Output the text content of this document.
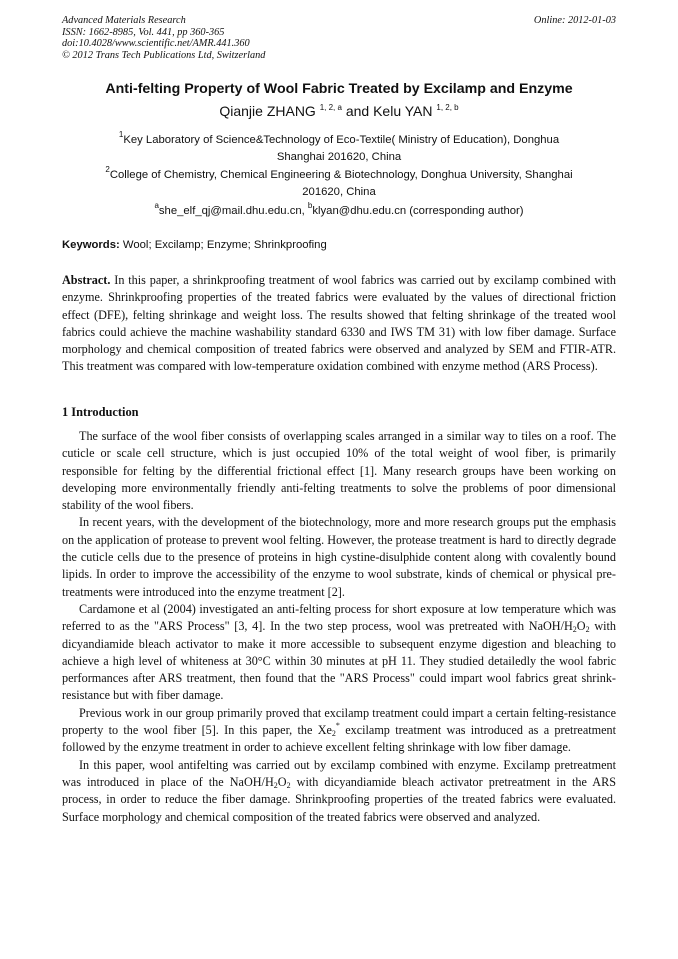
Advanced Materials Research
ISSN: 1662-8985, Vol. 441, pp 360-365
doi:10.4028/www.scientific.net/AMR.441.360
© 2012 Trans Tech Publications Ltd, Switzerland
Online: 2012-01-03
Anti-felting Property of Wool Fabric Treated by Excilamp and Enzyme
Qianjie ZHANG $^{1, 2, a}$ and Kelu YAN $^{1, 2, b}$
$^1$Key Laboratory of Science&Technology of Eco-Textile( Ministry of Education), Donghua
Shanghai 201620, China
$^2$College of Chemistry, Chemical Engineering & Biotechnology, Donghua University, Shanghai
201620, China
$^a$she_elf_qj@mail.dhu.edu.cn, $^b$klyan@dhu.edu.cn (corresponding author)
Keywords: Wool; Excilamp; Enzyme; Shrinkproofing
Abstract. In this paper, a shrinkproofing treatment of wool fabrics was carried out by excilamp combined with enzyme. Shrinkproofing properties of the treated fabrics were evaluated by the values of directional friction effect (DFE), felting shrinkage and weight loss. The results showed that felting shrinkage of the treated wool fabrics could achieve the machine washability standard 6330 and IWS TM 31) with low fiber damage. Surface morphology and chemical composition of treated fabrics were observed and analyzed by SEM and FTIR-ATR. This treatment was compared with low-temperature oxidation combined with enzyme method (ARS Process).
1 Introduction

The surface of the wool fiber consists of overlapping scales arranged in a similar way to tiles on a roof. The cuticle or scale cell structure, which is just occupied 10% of the total weight of wool fiber, is primarily responsible for felting by the differential frictional effect [1]. Many research groups have been working on developing more environmentally friendly anti-felting treatments to solve the problems of poor dimensional stability of the wool fibers.

In recent years, with the development of the biotechnology, more and more research groups put the emphasis on the application of protease to prevent wool felting. However, the protease treatment is hard to directly degrade the cuticle cells due to the presence of proteins in high cystine-disulphide content along with covalently bound lipids. In order to improve the accessibility of the enzyme to wool substrate, kinds of chemical or physical pre-treatments were introduced into the enzyme treatment [2].

Cardamone et al (2004) investigated an anti-felting process for short exposure at low temperature which was referred to as the "ARS Process" [3, 4]. In the two step process, wool was pretreated with NaOH/$H_2O_2$ with dicyandiamide bleach activator to make it more accessible to subsequent enzyme digestion and bleaching to achieve a high level of whiteness at 30°C within 30 minutes at pH 11. They studied detailedly the wool fabric performances after ARS treatment, then found that the "ARS Process" could impart wool fabrics great shrink-resistance but with fiber damage.

Previous work in our group primarily proved that excilamp treatment could impart a certain felting-resistance property to the wool fiber [5]. In this paper, the $Xe_2^*$ excilamp treatment was introduced as a pretreatment followed by the enzyme treatment in order to achieve excellent felting shrinkage with low fiber damage.

In this paper, wool antifelting was carried out by excilamp combined with enzyme. Excilamp pretreatment was introduced in place of the NaOH/$H_2O_2$ with dicyandiamide bleach activator pretreatment in the ARS process, in order to reduce the fiber damage. Shrinkproofing properties of the treated fabrics were evaluated. Surface morphology and chemical composition of the treated fabrics were observed and analyzed.
